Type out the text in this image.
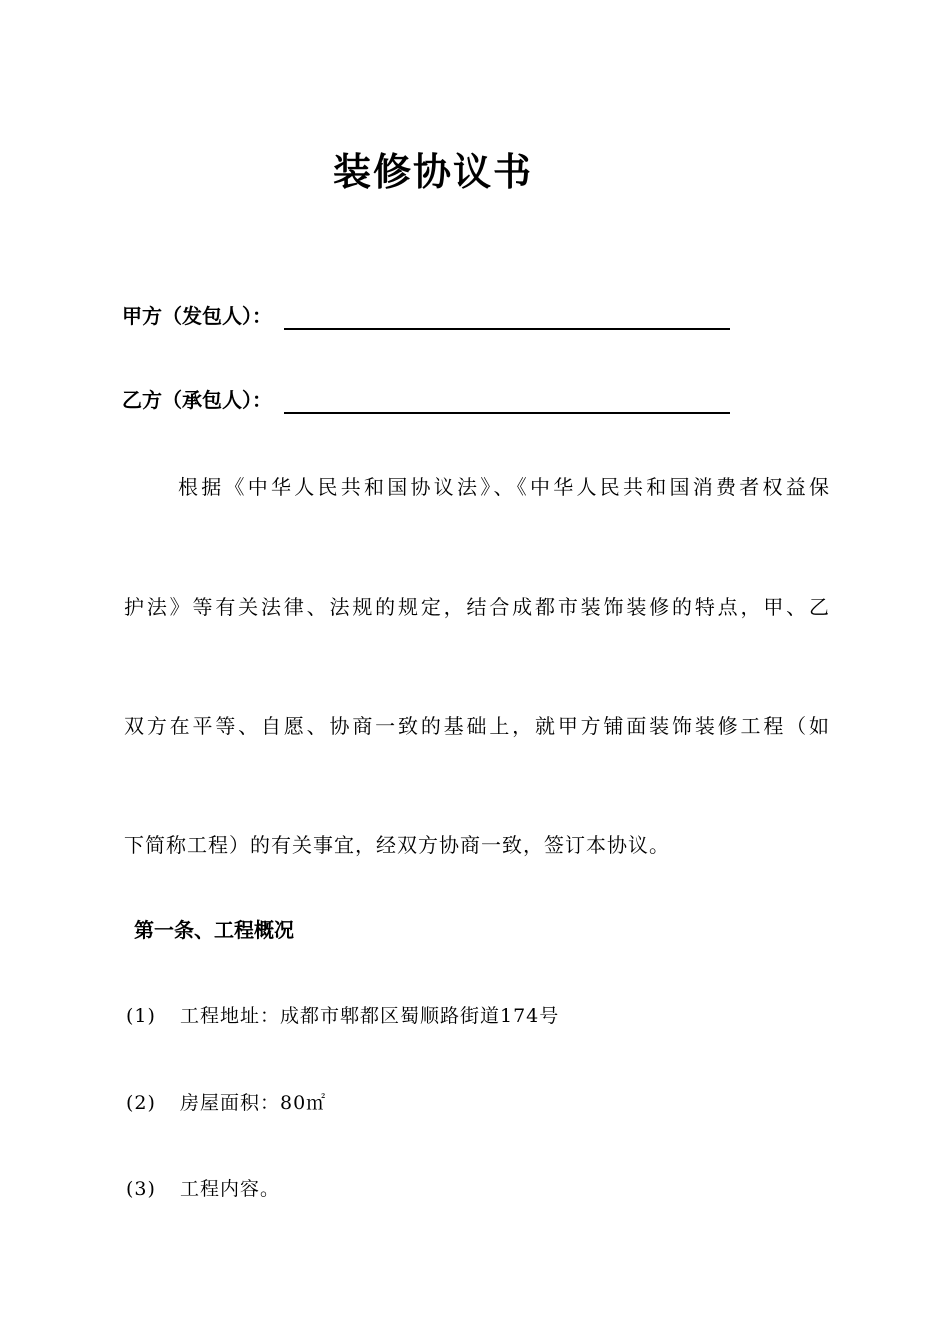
装修协议书
甲方（发包人）：
乙方（承包人）：
根据《中华人民共和国协议法》、《中华人民共和国消费者权益保
护法》等有关法律、法规的规定，结合成都市装饰装修的特点，甲、乙
双方在平等、自愿、协商一致的基础上，就甲方铺面装饰装修工程（如
下简称工程）的有关事宜，经双方协商一致，签订本协议。
第一条、工程概况
(1) 工程地址：成都市郫都区蜀顺路街道174号
(2) 房屋面积：80㎡
(3) 工程内容。
